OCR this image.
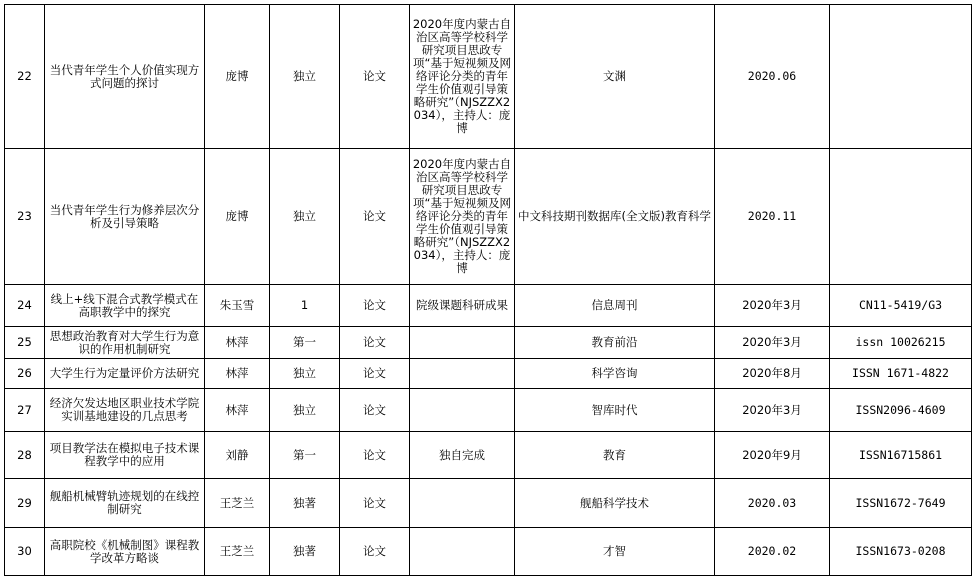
22	当代青年学生个人价值实现方式问题的探讨	庞博	独立	论文	2020年度内蒙古自治区高等学校科学研究项目思政专项“基于短视频及网络评论分类的青年学生价值观引导策略研究”（NJSZZX2034），主持人：庞博	文渊	2020.06	
23	当代青年学生行为修养层次分析及引导策略	庞博	独立	论文	2020年度内蒙古自治区高等学校科学研究项目思政专项“基于短视频及网络评论分类的青年学生价值观引导策略研究”（NJSZZX2034），主持人：庞博	中文科技期刊数据库(全文版)教育科学	2020.11	
24	线上+线下混合式教学模式在高职教学中的探究	朱玉雪	1	论文	院级课题科研成果	信息周刊	2020年3月	CN11-5419/G3
25	思想政治教育对大学生行为意识的作用机制研究	林萍	第一	论文		教育前沿	2020年3月	issn 10026215
26	大学生行为定量评价方法研究	林萍	独立	论文		科学咨询	2020年8月	ISSN 1671-4822
27	经济欠发达地区职业技术学院实训基地建设的几点思考	林萍	独立	论文		智库时代	2020年3月	ISSN2096-4609
28	项目教学法在模拟电子技术课程教学中的应用	刘静	第一	论文	独自完成	教育	2020年9月	ISSN16715861
29	舰船机械臂轨迹规划的在线控制研究	王芝兰	独著	论文		舰船科学技术	2020.03	ISSN1672-7649
30	高职院校《机械制图》课程教学改革方略谈	王芝兰	独著	论文		才智	2020.02	ISSN1673-0208
